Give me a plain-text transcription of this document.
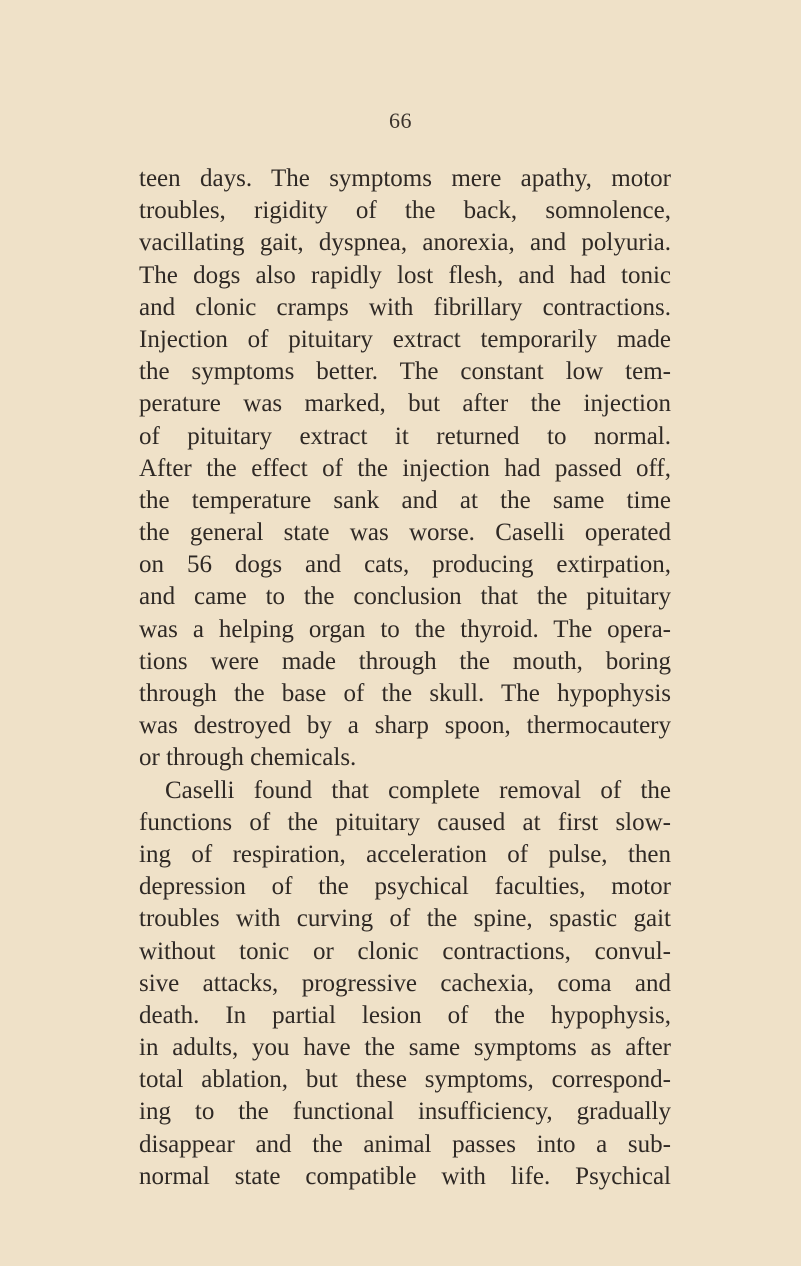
66
teen days. The symptoms mere apathy, motor
troubles, rigidity of the back, somnolence,
vacillating gait, dyspnea, anorexia, and polyuria.
The dogs also rapidly lost flesh, and had tonic
and clonic cramps with fibrillary contractions.
Injection of pituitary extract temporarily made
the symptoms better. The constant low tem-
perature was marked, but after the injection
of pituitary extract it returned to normal.
After the effect of the injection had passed off,
the temperature sank and at the same time
the general state was worse. Caselli operated
on 56 dogs and cats, producing extirpation,
and came to the conclusion that the pituitary
was a helping organ to the thyroid. The opera-
tions were made through the mouth, boring
through the base of the skull. The hypophysis
was destroyed by a sharp spoon, thermocautery
or through chemicals.
Caselli found that complete removal of the
functions of the pituitary caused at first slow-
ing of respiration, acceleration of pulse, then
depression of the psychical faculties, motor
troubles with curving of the spine, spastic gait
without tonic or clonic contractions, convul-
sive attacks, progressive cachexia, coma and
death. In partial lesion of the hypophysis,
in adults, you have the same symptoms as after
total ablation, but these symptoms, correspond-
ing to the functional insufficiency, gradually
disappear and the animal passes into a sub-
normal state compatible with life. Psychical
